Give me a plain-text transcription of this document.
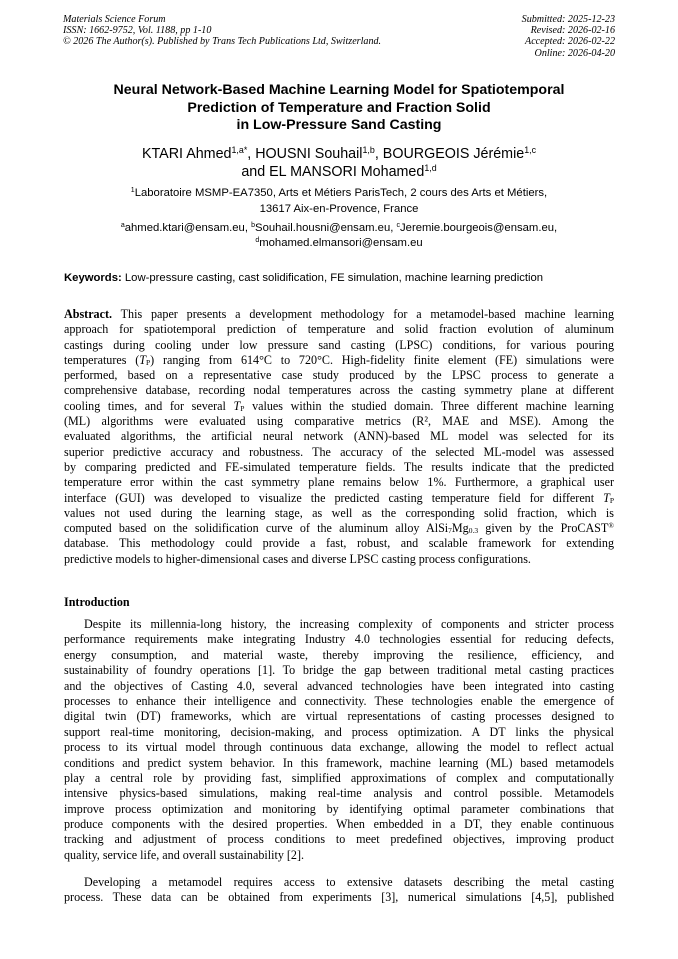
Materials Science Forum
ISSN: 1662-9752, Vol. 1188, pp 1-10
© 2026 The Author(s). Published by Trans Tech Publications Ltd, Switzerland.
Submitted: 2025-12-23
Revised: 2026-02-16
Accepted: 2026-02-22
Online: 2026-04-20
Neural Network-Based Machine Learning Model for Spatiotemporal
Prediction of Temperature and Fraction Solid
in Low-Pressure Sand Casting
KTARI Ahmed$^{1,a*}$, HOUSNI Souhail$^{1,b}$, BOURGEOIS Jérémie$^{1,c}$
and EL MANSORI Mohamed$^{1,d}$
$^1$Laboratoire MSMP-EA7350, Arts et Métiers ParisTech, 2 cours des Arts et Métiers,
13617 Aix-en-Provence, France
$^a$ahmed.ktari@ensam.eu, $^b$Souhail.housni@ensam.eu, $^c$Jeremie.bourgeois@ensam.eu,
$^d$mohamed.elmansori@ensam.eu
Keywords: Low-pressure casting, cast solidification, FE simulation, machine learning prediction
Abstract. This paper presents a development methodology for a metamodel-based machine learning
approach for spatiotemporal prediction of temperature and solid fraction evolution of aluminum
castings during cooling under low pressure sand casting (LPSC) conditions, for various pouring
temperatures $(T_P)$ ranging from 614°C to 720°C. High-fidelity finite element (FE) simulations were
performed, based on a representative case study produced by the LPSC process to generate a
comprehensive database, recording nodal temperatures across the casting symmetry plane at different
cooling times, and for several $T_P$ values within the studied domain. Three different machine learning
(ML) algorithms were evaluated using comparative metrics (R², MAE and MSE). Among the
evaluated algorithms, the artificial neural network (ANN)-based ML model was selected for its
superior predictive accuracy and robustness. The accuracy of the selected ML-model was assessed
by comparing predicted and FE-simulated temperature fields. The results indicate that the predicted
temperature error within the cast symmetry plane remains below 1%. Furthermore, a graphical user
interface (GUI) was developed to visualize the predicted casting temperature field for different $T_P$
values not used during the learning stage, as well as the corresponding solid fraction, which is
computed based on the solidification curve of the aluminum alloy $AlSi_7Mg_{0.3}$ given by the ProCAST®
database. This methodology could provide a fast, robust, and scalable framework for extending
predictive models to higher-dimensional cases and diverse LPSC casting process configurations.
Introduction
Despite its millennia-long history, the increasing complexity of components and stricter process
performance requirements make integrating Industry 4.0 technologies essential for reducing defects,
energy consumption, and material waste, thereby improving the resilience, efficiency, and
sustainability of foundry operations [1]. To bridge the gap between traditional metal casting practices
and the objectives of Casting 4.0, several advanced technologies have been integrated into casting
processes to enhance their intelligence and connectivity. These technologies enable the emergence of
digital twin (DT) frameworks, which are virtual representations of casting processes designed to
support real-time monitoring, decision-making, and process optimization. A DT links the physical
process to its virtual model through continuous data exchange, allowing the model to reflect actual
conditions and predict system behavior. In this framework, machine learning (ML) based metamodels
play a central role by providing fast, simplified approximations of complex and computationally
intensive physics-based simulations, making real-time analysis and control possible. Metamodels
improve process optimization and monitoring by identifying optimal parameter combinations that
produce components with the desired properties. When embedded in a DT, they enable continuous
tracking and adjustment of process conditions to meet predefined objectives, improving product
quality, service life, and overall sustainability [2].
Developing a metamodel requires access to extensive datasets describing the metal casting
process. These data can be obtained from experiments [3], numerical simulations [4,5], published
